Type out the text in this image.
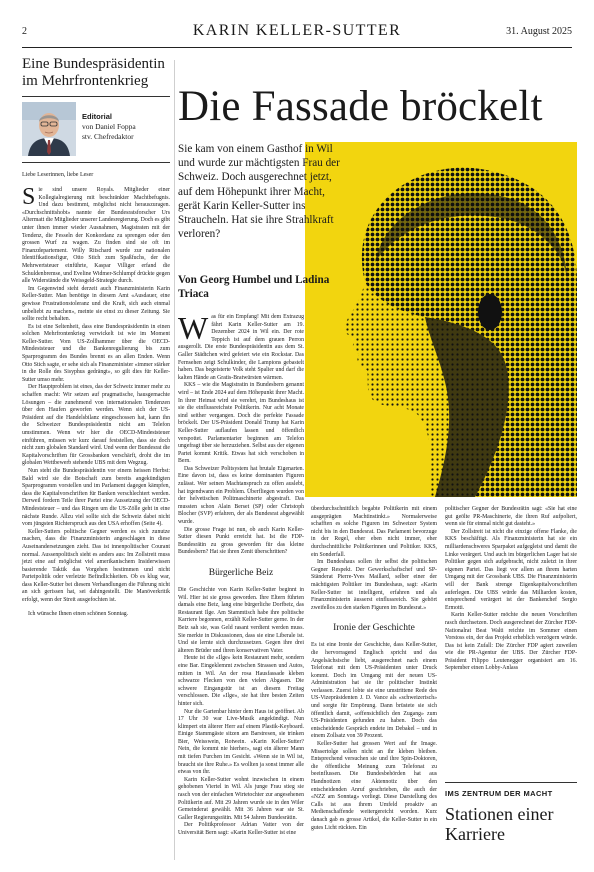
2	KARIN KELLER-SUTTER	31. August 2025
Eine Bundespräsidentin im Mehrfrontenkrieg
Editorial
von Daniel Foppa
stv. Chefredaktor
Liebe Leserinnen, liebe Leser

Sie sind unsere Royals. Mitglieder einer Kollegialregierung mit beschränkter Machtbefugnis. Und dazu bestimmt, möglichst nicht herauszuragen. «Durchschnittshobt» nannte der Bundesratsforscher Urs Altermatt die Mitglieder unserer Landesregierung. Doch es gibt unter ihnen immer wieder Ausnahmen, Magistraten mit der Tendenz, die Fesseln der Konkordanz zu sprengen oder den grossen Wurf zu wagen. Zu finden sind sie oft im Finanzdepartement. Willy Ritschard wurde zur nationalen Identifikationsfigur, Otto Stich zum Spaßfuchs, der die Mehrwertsteuer einführte, Kaspar Villiger erfand die Schuldenbremse, und Eveline Widmer-Schlumpf drückte gegen alle Widerstände die Weissgeld-Strategie durch.

Im Gegenwind steht derzeit auch Finanzministerin Karin Keller-Sutter. Man benötige in diesem Amt «Ausdauer, eine gewisse Frustrationstoleranz und die Kraft, sich auch einmal unbeliebt zu machen», meinte sie einst zu dieser Zeitung. Sie sollte recht behalten.

Es ist eine Seltenheit, dass eine Bundespräsidentin in einen solchen Mehrfrontenkrieg verwickelt ist wie im Moment Keller-Sutter. Vom US-Zollhammer über die OECD-Mindeststeuer und die Bankenregulierung bis zum Sparprogramm des Bundes brennt es an allen Enden. Wenn Otto Stich sagte, er sehe sich als Finanzminister «immer stärker in die Rolle des Sisyphus gedrängt», so gilt dies für Keller-Sutter umso mehr.

Der Hauptproblem ist eines, das der Schweiz immer mehr zu schaffen macht: Wir setzen auf pragmatische, hausgemachte Lösungen – die zunehmend von internationalen Tendenzen über den Haufen geworfen werden. Wenn sich der US-Präsident auf die Handelsbilanz eingeschossen hat, kann ihn die Schweizer Bundespräsidentin nicht am Telefon umstimmen. Wenn wir hier die OECD-Mindeststeuer einführen, müssen wir kurz darauf feststellen, dass sie doch nicht zum globalen Standard wird. Und wenn der Bundesrat die Kapitalvorschriften für Grossbanken verschärft, droht die im globalen Wettbewerb stehende UBS mit dem Wegzug.

Nun steht die Bundespräsidentin vor einem heissen Herbst: Bald wird sie die Botschaft zum bereits angekündigten Sparprogramm vorstellen und im Parlament dagegen kämpfen, dass die Kapitalvorschriften für Banken verschlechtert werden. Derweil fordern Teile ihrer Partei eine Aussetzung der OECD-Mindeststeuer – und das Ringen um die US-Zölle geht in eine nächste Runde. Allzu viel sollte sich die Schweiz dabei nicht vom jüngsten Richterspruch aus den USA erhoffen (Seite 4).

Keller-Sutters politische Gegner werden es sich zunutze machen, dass die Finanzministerin angeschlagen in diese Auseinandersetzungen zieht. Das ist innenpolitischer Courant normal. Aussenpolitisch sieht es anders aus: Im Zollstreit muss jetzt eine auf möglichst viel amerikanischem Insiderwissen basierende Taktik das Vorgehen bestimmen und nicht Parteipolitik oder verletzte Befindlichkeiten. Ob es klug war, dass Keller-Sutter bei diesem Verhandlungen die Führung nicht an sich gerissen hat, sei dahingestellt. Die Manöverkritik erfolgt, wenn der Streit ausgefochten ist.

Ich wünsche Ihnen einen schönen Sonntag.

Die Fassade bröckelt
Sie kam von einem Gasthof in Wil und wurde zur mächtigsten Frau der Schweiz. Doch ausgerechnet jetzt, auf dem Höhepunkt ihrer Macht, gerät Karin Keller-Sutter ins Straucheln. Hat sie ihre Strahlkraft verloren?
Von Georg Humbel und Ladina Triaca

Was für ein Empfang! Mit dem Extrazug fährt Karin Keller-Sutter am 19. Dezember 2024 in Wil ein. Der rote Teppich ist auf dem grauen Perron ausgerollt. Die erste Bundespräsidentin aus dem St. Galler Städtchen wird gefeiert wie ein Rockstar. Das Fernsehen zeigt Schulkinder, die Lampions gebastelt haben. Das begeisterte Volk steht Spalier und darf die kalten Hände an Gratis-Bratwürsten wärmen.

KKS – wie die Magistratin in Bundesbern genannt wird – ist Ende 2024 auf dem Höhepunkt ihrer Macht. In ihrer Heimat wird sie verehrt, im Bundeshaus ist sie die einflussreichste Politikerin. Nur acht Monate sind seither vergangen. Doch die perfekte Fassade bröckelt. Der US-Präsident Donald Trump hat Karin Keller-Sutter auflaufen lassen und öffentlich verspottet. Parlamentarier beginnen am Telefon ungefragt über sie herzuziehen. Selbst aus der eigenen Partei kommt Kritik. Etwas hat sich verschoben in Bern.

Das Schweizer Politsystem hat brutale Eigenarten. Eine davon ist, dass es keine dominanten Figuren zulässt. Wer seinen Machtanspruch zu offen auslebt, hat irgendwann ein Problem. Überfliegen wurden von der helvetischen Politmaschinerie abgestraft. Das mussten schon Alain Berset (SP) oder Christoph Blocher (SVP) erfahren, der als Bundesrat abgewählt wurde.

Die grosse Frage ist nun, ob auch Karin Keller-Sutter diesen Punkt erreicht hat. Ist die FDP-Bundesrätin zu gross geworden für das kleine Bundesbern? Hat sie ihren Zenit überschritten?

Bürgerliche Beiz

Die Geschichte von Karin Keller-Sutter beginnt in Wil. Hier ist sie gross geworden. Ihre Eltern führten damals eine Beiz, lang eine bürgerliche Dorfbeiz, das Restaurant Ilge. Am Stammtisch habe ihre politische Karriere begonnen, erzählt Keller-Sutter gerne. In der Beiz sah sie, was Geld rasant verdient werden muss. Sie merkte in Diskussionen, dass sie eine Liberale ist. Und sie lernte sich durchzusetzen. Gegen ihre drei älteren Brüder und ihren konservativen Vater.

Heute ist die «Ilge» kein Restaurant mehr, sondern eine Bar. Eingeklemmt zwischen Strassen und Autos, mitten in Wil. An der rosa Hausfassade kleben schwarze Flecken von den vielen Abgasen. Die schwere Eingangstür ist an diesem Freitag verschlossen. Die «Ilge», sie hat ihre besten Zeiten hinter sich.

Nur die Gartenbar hinter dem Haus ist geöffnet. Ab 17 Uhr 30 war Live-Musik angekündigt. Nun klimpert ein älterer Herr auf einem Plastik-Keyboard. Einige Stammgäste sitzen am Barstresen, sie trinken Bier, Weisswein, Rotwein. «Karin Keller-Sutter? Nein, die kommt nie hierher», sagt ein älterer Mann mit tiefen Furchen im Gesicht. «Wenn sie in Wil ist, braucht sie ihre Ruhe.» Es wollten ja sonst immer alle etwas von ihr.

Karin Keller-Sutter wohnt inzwischen in einem gehobenen Viertel in Wil. Als junge Frau stieg sie rasch von der einfachen Wirtetochter zur angesehenen Politikerin auf. Mit 29 Jahren wurde sie in den Wiler Gemeinderat gewählt. Mit 36 Jahren war sie St. Galler Regierungsrätin. Mit 54 Jahren Bundesrätin.

Der Politikprofessor Adrian Vatter von der Universität Bern sagt: «Karin Keller-Sutter ist eine

überdurchschnittlich begabte Politikerin mit einem ausgeprägten Machtinstinkt.» Normalerweise schafften es solche Figuren im Schweizer System nicht bis in den Bundesrat. Das Parlament bevorzuge in der Regel, eher eben nicht immer, eher durchschnittliche Politikerinnen und Politiker. KKS, ein Sonderfall.

Im Bundeshaus sollen ihr selbst die politischen Gegner Respekt. Der Gewerkschaftschef und SP-Ständerat Pierre-Yves Maillard, selber einer der mächtigsten Politiker im Bundeshaus, sagt: «Karin Keller-Sutter ist intelligent, erfahren und als Finanzministerin äusserst einflussreich. Sie gehört zweifellos zu den starken Figuren im Bundesrat.»

Ironie der Geschichte

Es ist eine Ironie der Geschichte, dass Keller-Sutter, die hervorragend Englisch spricht und das Angelsächsische liebt, ausgerechnet nach einem Telefonat mit dem US-Präsidenten unter Druck kommt. Doch im Umgang mit der neuen US-Administration hat sie ihr politischer Instinkt verlassen. Zuerst lobte sie eine umstrittene Rede des US-Vizepräsidenten J. D. Vance als «schweizerisch» und sorgte für Empörung. Dann brüstete sie sich öffentlich damit, «offensichtlich den Zugang» zum US-Präsidenten gefunden zu haben. Doch das entscheidende Gespräch endete im Debakel – und in einem Zollsatz von 39 Prozent.

Keller-Sutter hat grossen Wert auf ihr Image. Missertolge sollen nicht an ihr kleben bleiben. Entsprechend versuchen sie und ihre Spin-Doktoren, die öffentliche Meinung zum Telefonat zu beeinflussen. Die Bundesbehörden hat aus Handnotizen eine Aktennotiz über den entscheidenden Anruf geschrieben, die auch der «NZZ am Sonntag» vorliegt. Diese Darstellung des Calls ist aus ihrem Umfeld proaktiv an Medienschaffende weitergereicht worden. Kurz danach gab es grosse Artikel, die Keller-Sutter in ein gutes Licht rückten. Ein

politischer Gegner der Bundesrätin sagt: «Sie hat eine gut geölte PR-Maschinerie, die ihren Ruf aufpoliert, wenn sie für einmal nicht gut dasteht.»

Der Zollstreit ist nicht die einzige offene Flanke, die KKS beschäftigt. Als Finanzministerin hat sie ein milliardenschweres Sparpaket aufgegleist und damit die Linke verärgert. Und auch im bürgerlichen Lager hat sie Politiker gegen sich aufgebracht, nicht zuletzt in ihrer eigenen Partei. Das liegt vor allem an ihrem harten Umgang mit der Grossbank UBS. Die Finanzministerin will der Bank strenge Eigenkapitalvorschriften auferlegen. Die UBS würde das Milliarden kosten, entsprechend verärgert ist der Bankenchef Sergio Ermotti.

Karin Keller-Sutter möchte die neuen Vorschriften rasch durchsetzen. Doch ausgerechnet der Zürcher FDP-Nationalrat Beat Walti reichte im Sommer einen Vorstoss ein, der das Projekt erheblich verzögern würde. Das ist kein Zufall: Die Zürcher FDP agiert zuweilen wie die PR-Agentur der UBS. Der Zürcher FDP-Präsident Filippo Leutenegger organisiert am 16. September einen Lobby-Anlass

IMS ZENTRUM DER MACHT
Stationen einer Karriere
